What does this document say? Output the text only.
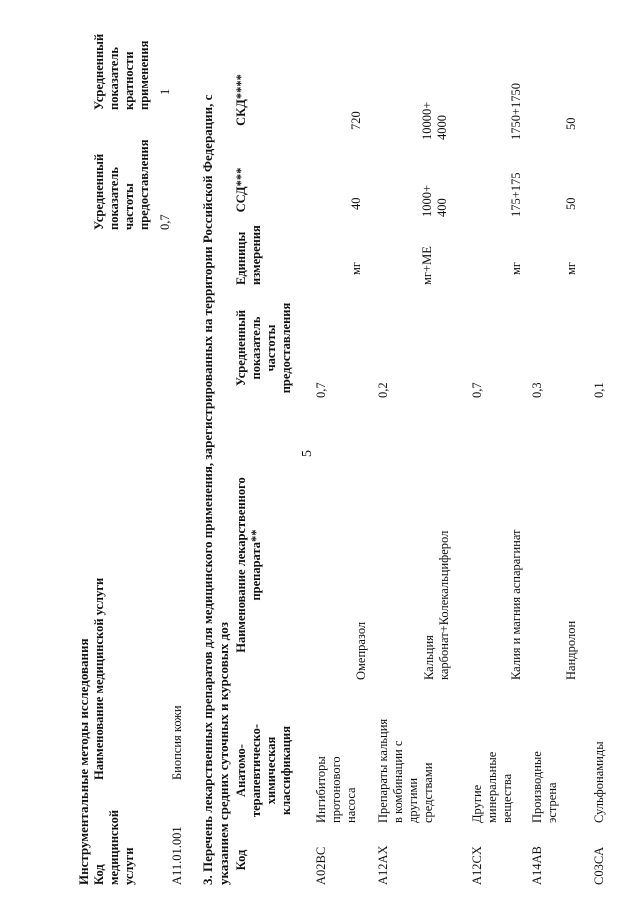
5
Инструментальные методы исследования Код медицинской услуги
Наименование медицинской услуги
Усредненный показатель частоты предоставления
Усредненный показатель кратности применения
A11.01.001
Биопсия кожи
0,7
1
3. Перечень лекарственных препаратов для медицинского применения, зарегистрированных на территории Российской Федерации, с указанием средних суточных и курсовых доз Код
Анатомо-терапевтическо-химическая классификация
Наименование лекарственного препарата**
Усредненный показатель частоты предоставления
Единицы измерения
ССД***
СКД****
A02BC
Ингибиторы протонового насоса
0,7
Омепразол
мг
40
720
A12AX
Препараты кальция в комбинации с другими средствами
0,2
Кальция карбонат+Колекальциферол
мг+МЕ
1000+ 400
10000+ 4000
A12CX
Другие минеральные вещества
0,7
Калия и магния аспарагинат
мг
175+175
1750+1750
A14AB
Производные эстрена
0,3
Нандролон
мг
50
50
C03CA
Сульфонамиды
0,1
